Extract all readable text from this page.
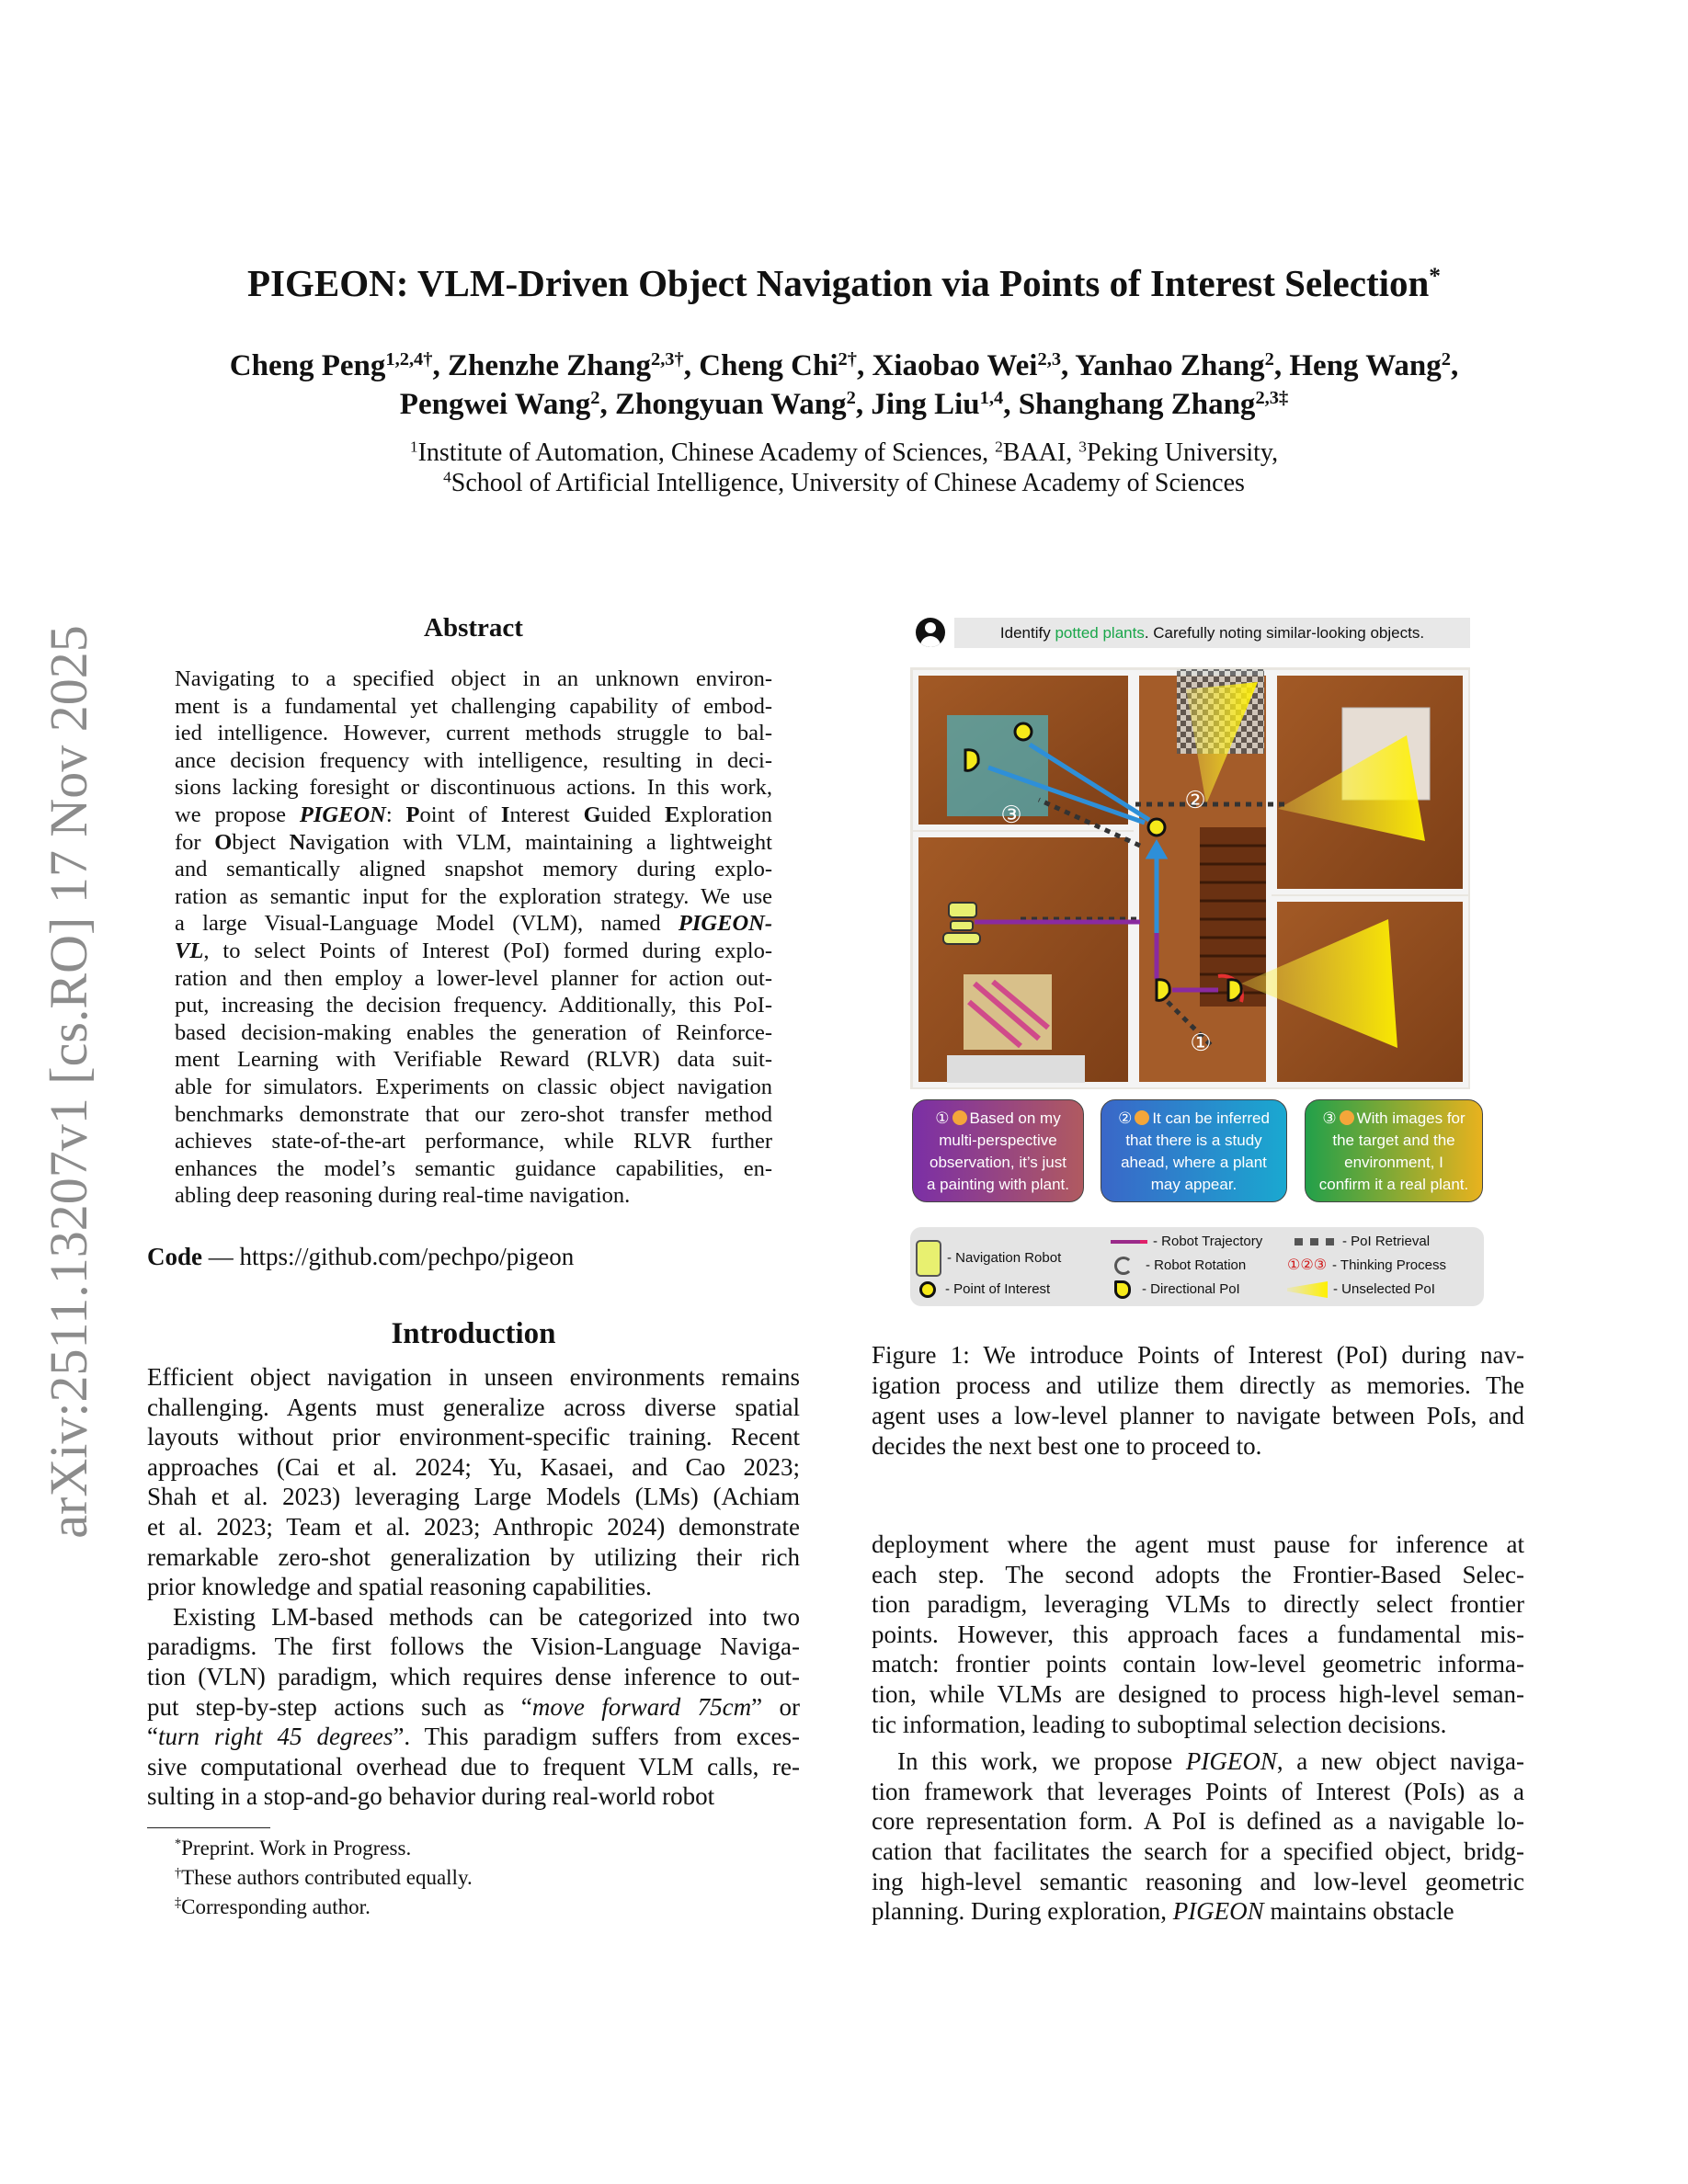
arXiv:2511.13207v1 [cs.RO] 17 Nov 2025
PIGEON: VLM-Driven Object Navigation via Points of Interest Selection*
Cheng Peng$^{1,2,4\dagger}$, Zhenzhe Zhang$^{2,3\dagger}$, Cheng Chi$^{2\dagger}$, Xiaobao Wei$^{2,3}$, Yanhao Zhang$^2$, Heng Wang$^2$,
Pengwei Wang$^2$, Zhongyuan Wang$^2$, Jing Liu$^{1,4}$, Shanghang Zhang$^{2,3\ddagger}$
$^1$Institute of Automation, Chinese Academy of Sciences, $^2$BAAI, $^3$Peking University,
$^4$School of Artificial Intelligence, University of Chinese Academy of Sciences
Abstract
Navigating to a specified object in an unknown environ-
ment is a fundamental yet challenging capability of embod-
ied intelligence. However, current methods struggle to bal-
ance decision frequency with intelligence, resulting in deci-
sions lacking foresight or discontinuous actions. In this work,
we propose PIGEON: Point of Interest Guided Exploration
for Object Navigation with VLM, maintaining a lightweight
and semantically aligned snapshot memory during explo-
ration as semantic input for the exploration strategy. We use
a large Visual-Language Model (VLM), named PIGEON-
VL, to select Points of Interest (PoI) formed during explo-
ration and then employ a lower-level planner for action out-
put, increasing the decision frequency. Additionally, this PoI-
based decision-making enables the generation of Reinforce-
ment Learning with Verifiable Reward (RLVR) data suit-
able for simulators. Experiments on classic object navigation
benchmarks demonstrate that our zero-shot transfer method
achieves state-of-the-art performance, while RLVR further
enhances the model’s semantic guidance capabilities, en-
abling deep reasoning during real-time navigation.
Code — https://github.com/pechpo/pigeon
Introduction
Efficient object navigation in unseen environments remains
challenging. Agents must generalize across diverse spatial
layouts without prior environment-specific training. Recent
approaches (Cai et al. 2024; Yu, Kasaei, and Cao 2023;
Shah et al. 2023) leveraging Large Models (LMs) (Achiam
et al. 2023; Team et al. 2023; Anthropic 2024) demonstrate
remarkable zero-shot generalization by utilizing their rich
prior knowledge and spatial reasoning capabilities.
Existing LM-based methods can be categorized into two
paradigms. The first follows the Vision-Language Naviga-
tion (VLN) paradigm, which requires dense inference to out-
put step-by-step actions such as “move forward 75cm” or
“turn right 45 degrees”. This paradigm suffers from exces-
sive computational overhead due to frequent VLM calls, re-
sulting in a stop-and-go behavior during real-world robot
*Preprint. Work in Progress.
†These authors contributed equally.
‡Corresponding author.
Identify potted plants. Carefully noting similar-looking objects.
①
②
③
① Based on my
multi-perspective
observation, it’s just
a painting with plant.
② It can be inferred
that there is a study
ahead, where a plant
may appear.
③ With images for
the target and the
environment, I
confirm it a real plant.
- Navigation Robot
- Robot Trajectory	- PoI Retrieval
- Robot Rotation	①②③ - Thinking Process
- Point of Interest	- Directional PoI	- Unselected PoI
Figure 1: We introduce Points of Interest (PoI) during nav-
igation process and utilize them directly as memories. The
agent uses a low-level planner to navigate between PoIs, and
decides the next best one to proceed to.
deployment where the agent must pause for inference at
each step. The second adopts the Frontier-Based Selec-
tion paradigm, leveraging VLMs to directly select frontier
points. However, this approach faces a fundamental mis-
match: frontier points contain low-level geometric informa-
tion, while VLMs are designed to process high-level seman-
tic information, leading to suboptimal selection decisions.
In this work, we propose PIGEON, a new object naviga-
tion framework that leverages Points of Interest (PoIs) as a
core representation form. A PoI is defined as a navigable lo-
cation that facilitates the search for a specified object, bridg-
ing high-level semantic reasoning and low-level geometric
planning. During exploration, PIGEON maintains obstacle
